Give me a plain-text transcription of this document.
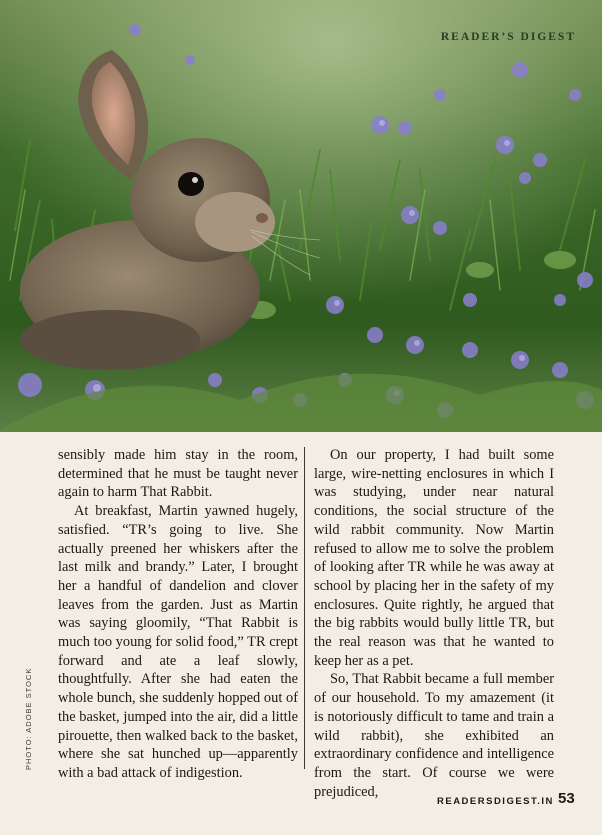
READER’S DIGEST
PHOTO: ADOBE STOCK

sensibly made him stay in the room, determined that he must be taught never again to harm That Rabbit.

At breakfast, Martin yawned hugely, satisfied. “TR’s going to live. She actually preened her whiskers after the last milk and brandy.” Later, I brought her a handful of dandelion and clover leaves from the garden. Just as Martin was saying gloomily, “That Rabbit is much too young for solid food,” TR crept forward and ate a leaf slowly, thoughtfully. After she had eaten the whole bunch, she suddenly hopped out of the basket, jumped into the air, did a little pirouette, then walked back to the basket, where she sat hunched up—apparently with a bad attack of indigestion.

On our property, I had built some large, wire-netting enclosures in which I was studying, under near natural conditions, the social structure of the wild rabbit community. Now Martin refused to allow me to solve the problem of looking after TR while he was away at school by placing her in the safety of my enclosures. Quite rightly, he argued that the big rabbits would bully little TR, but the real reason was that he wanted to keep her as a pet.

So, That Rabbit became a full member of our household. To my amazement (it is notoriously difficult to tame and train a wild rabbit), she exhibited an extraordinary confidence and intelligence from the start. Of course we were prejudiced,

READERSDIGEST.IN 53
